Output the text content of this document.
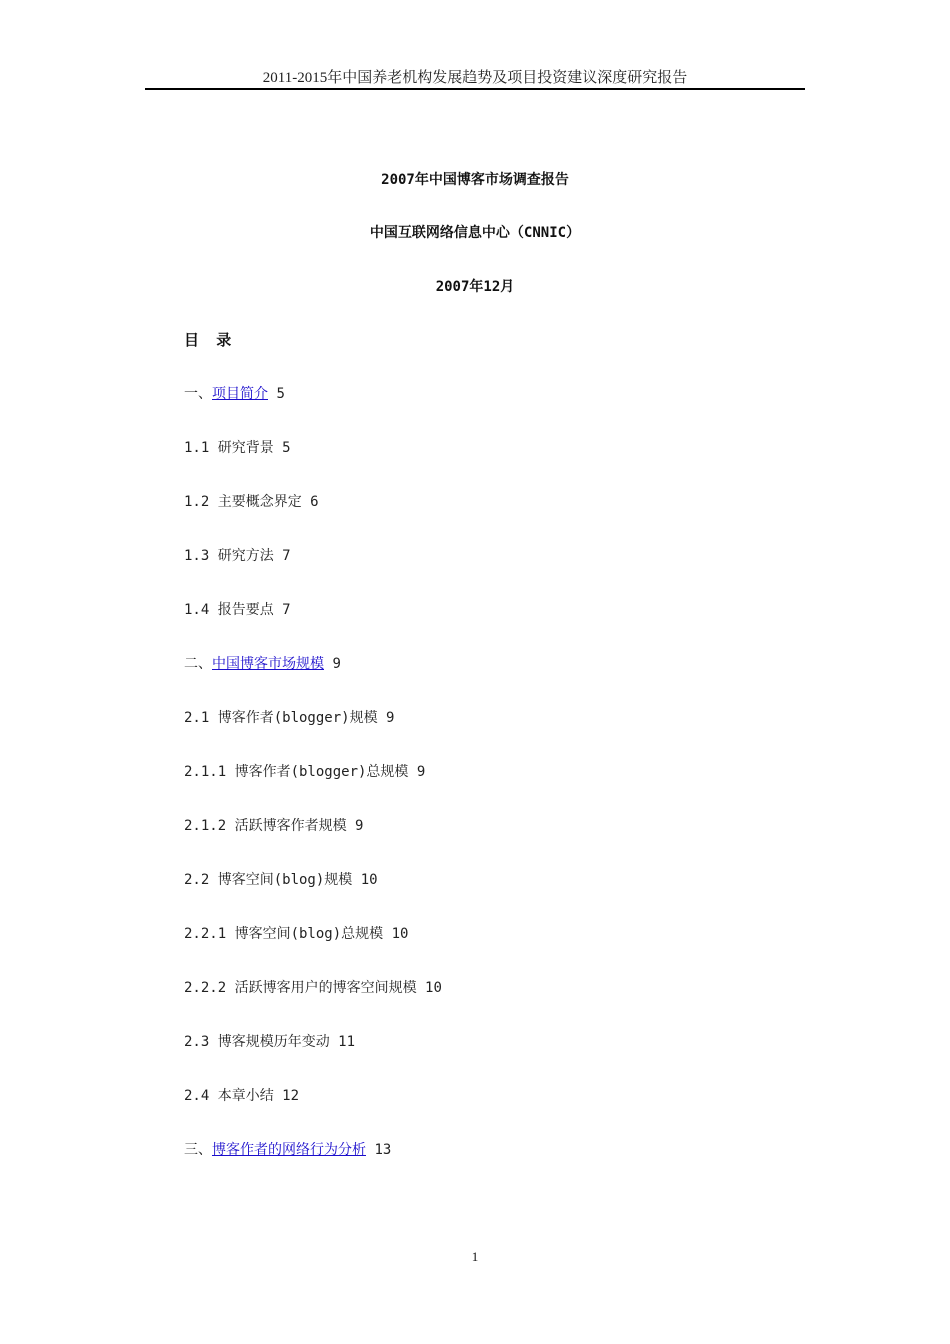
2011-2015年中国养老机构发展趋势及项目投资建议深度研究报告
2007年中国博客市场调查报告
中国互联网络信息中心（CNNIC）
2007年12月
目 录
一、项目简介 5
1.1 研究背景 5
1.2 主要概念界定 6
1.3 研究方法 7
1.4 报告要点 7
二、中国博客市场规模 9
2.1 博客作者(blogger)规模 9
2.1.1 博客作者(blogger)总规模 9
2.1.2 活跃博客作者规模 9
2.2 博客空间(blog)规模 10
2.2.1 博客空间(blog)总规模 10
2.2.2 活跃博客用户的博客空间规模 10
2.3 博客规模历年变动 11
2.4 本章小结 12
三、博客作者的网络行为分析 13
1
